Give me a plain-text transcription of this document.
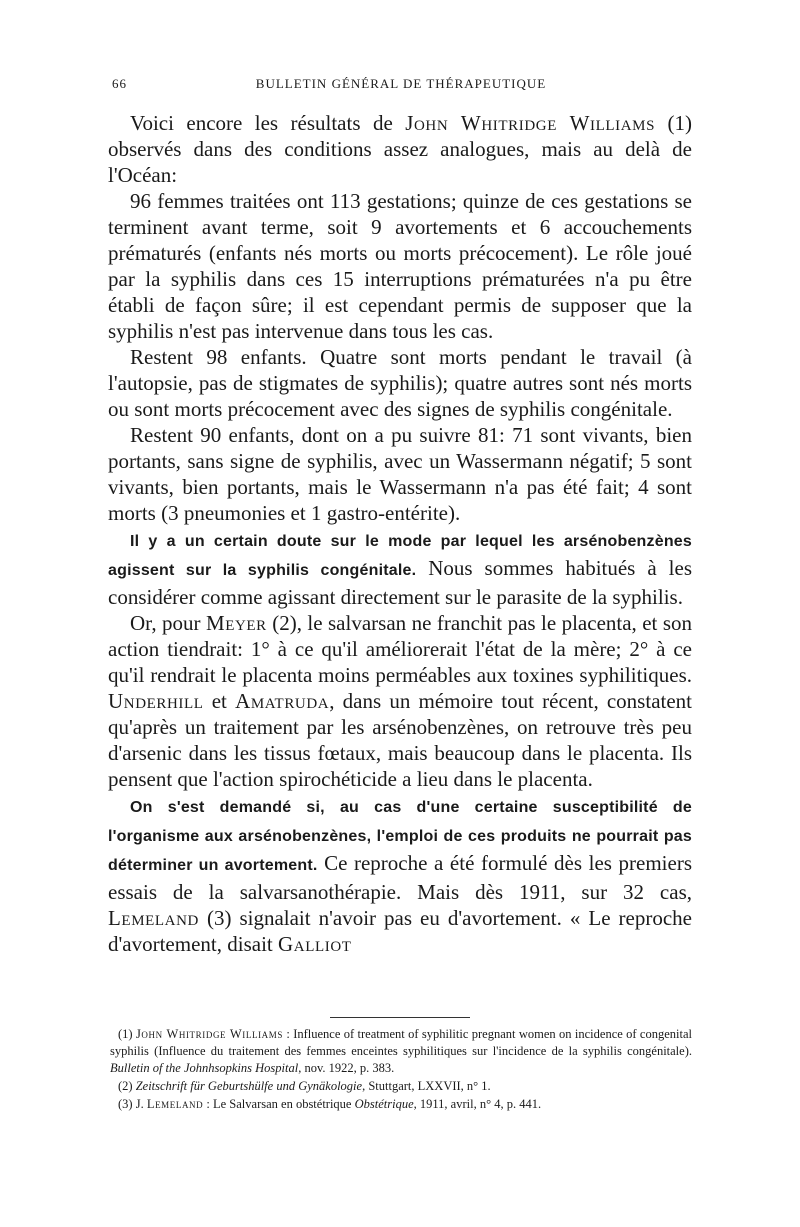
66	BULLETIN GÉNÉRAL DE THÉRAPEUTIQUE

Voici encore les résultats de John Whitridge Williams (1) observés dans des conditions assez analogues, mais au delà de l'Océan:

96 femmes traitées ont 113 gestations; quinze de ces gestations se terminent avant terme, soit 9 avortements et 6 accouchements prématurés (enfants nés morts ou morts précocement). Le rôle joué par la syphilis dans ces 15 interruptions prématurées n'a pu être établi de façon sûre; il est cependant permis de supposer que la syphilis n'est pas intervenue dans tous les cas.

Restent 98 enfants. Quatre sont morts pendant le travail (à l'autopsie, pas de stigmates de syphilis); quatre autres sont nés morts ou sont morts précocement avec des signes de syphilis congénitale.

Restent 90 enfants, dont on a pu suivre 81: 71 sont vivants, bien portants, sans signe de syphilis, avec un Wassermann négatif; 5 sont vivants, bien portants, mais le Wassermann n'a pas été fait; 4 sont morts (3 pneumonies et 1 gastro-entérite).

Il y a un certain doute sur le mode par lequel les arsénobenzènes agissent sur la syphilis congénitale. Nous sommes habitués à les considérer comme agissant directement sur le parasite de la syphilis.

Or, pour Meyer (2), le salvarsan ne franchit pas le placenta, et son action tiendrait: 1° à ce qu'il améliorerait l'état de la mère; 2° à ce qu'il rendrait le placenta moins perméables aux toxines syphilitiques. Underhill et Amatruda, dans un mémoire tout récent, constatent qu'après un traitement par les arsénobenzènes, on retrouve très peu d'arsenic dans les tissus fœtaux, mais beaucoup dans le placenta. Ils pensent que l'action spirochéticide a lieu dans le placenta.

On s'est demandé si, au cas d'une certaine susceptibilité de l'organisme aux arsénobenzènes, l'emploi de ces produits ne pourrait pas déterminer un avortement. Ce reproche a été formulé dès les premiers essais de la salvarsanothérapie. Mais dès 1911, sur 32 cas, Lemeland (3) signalait n'avoir pas eu d'avortement. « Le reproche d'avortement, disait Galliot

(1) John Whitridge Williams : Influence of treatment of syphilitic pregnant women on incidence of congenital syphilis (Influence du traitement des femmes enceintes syphilitiques sur l'incidence de la syphilis congénitale). Bulletin of the Johnhsopkins Hospital, nov. 1922, p. 383.

(2) Zeitschrift für Geburtshülfe und Gynäkologie, Stuttgart, LXXVII, n° 1.

(3) J. Lemeland : Le Salvarsan en obstétrique Obstétrique, 1911, avril, n° 4, p. 441.
